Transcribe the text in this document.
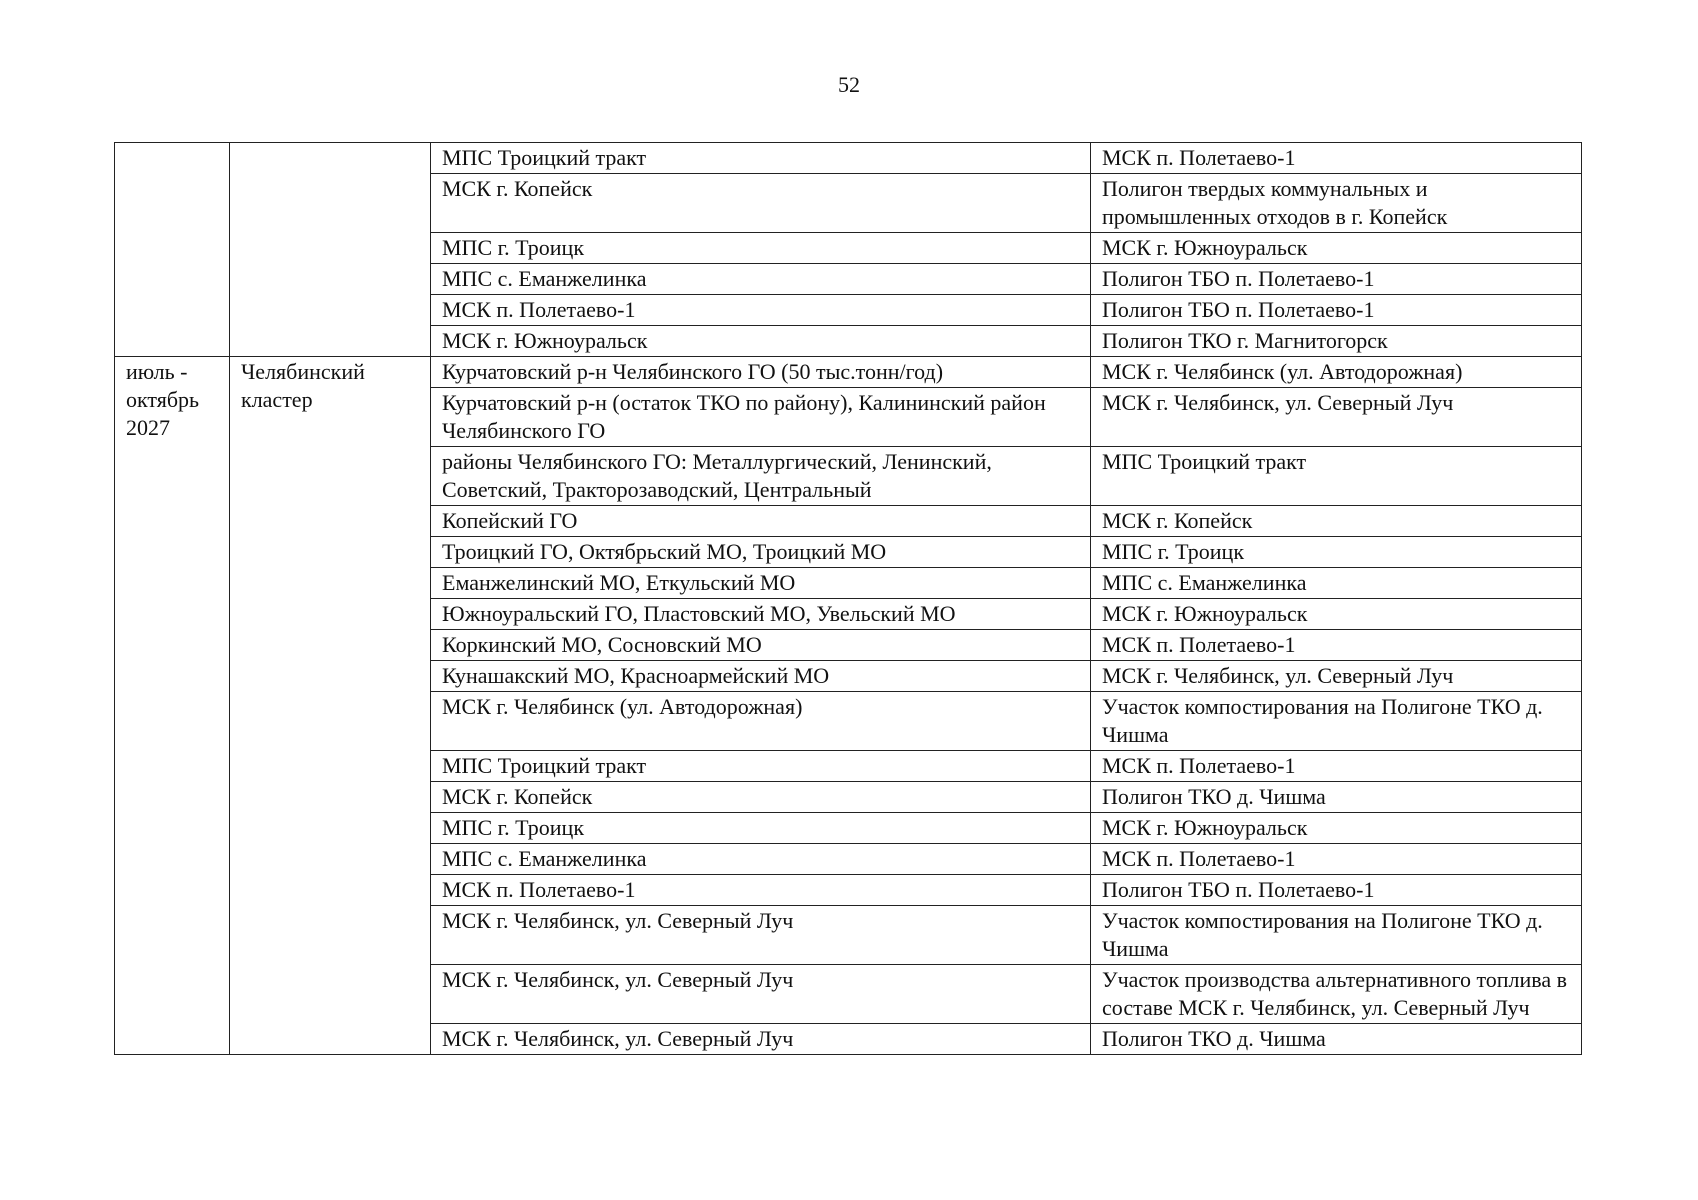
52
		МПС Троицкий тракт	МСК п. Полетаево-1
		МСК г. Копейск	Полигон твердых коммунальных и промышленных отходов в г. Копейск
		МПС г. Троицк	МСК г. Южноуральск
		МПС с. Еманжелинка	Полигон ТБО п. Полетаево-1
		МСК п. Полетаево-1	Полигон ТБО п. Полетаево-1
		МСК г. Южноуральск	Полигон ТКО г. Магнитогорск
июль - октябрь 2027	Челябинский кластер	Курчатовский р-н Челябинского ГО (50 тыс.тонн/год)	МСК г. Челябинск (ул. Автодорожная)
		Курчатовский р-н (остаток ТКО по району), Калининский район Челябинского ГО	МСК г. Челябинск, ул. Северный Луч
		районы Челябинского ГО: Металлургический, Ленинский, Советский, Тракторозаводский, Центральный	МПС Троицкий тракт
		Копейский ГО	МСК г. Копейск
		Троицкий ГО, Октябрьский МО, Троицкий МО	МПС г. Троицк
		Еманжелинский МО, Еткульский МО	МПС с. Еманжелинка
		Южноуральский ГО, Пластовский МО, Увельский МО	МСК г. Южноуральск
		Коркинский МО, Сосновский МО	МСК п. Полетаево-1
		Кунашакский МО, Красноармейский МО	МСК г. Челябинск, ул. Северный Луч
		МСК г. Челябинск (ул. Автодорожная)	Участок компостирования на Полигоне ТКО д. Чишма
		МПС Троицкий тракт	МСК п. Полетаево-1
		МСК г. Копейск	Полигон ТКО д. Чишма
		МПС г. Троицк	МСК г. Южноуральск
		МПС с. Еманжелинка	МСК п. Полетаево-1
		МСК п. Полетаево-1	Полигон ТБО п. Полетаево-1
		МСК г. Челябинск, ул. Северный Луч	Участок компостирования на Полигоне ТКО д. Чишма
		МСК г. Челябинск, ул. Северный Луч	Участок производства альтернативного топлива в составе МСК г. Челябинск, ул. Северный Луч
		МСК г. Челябинск, ул. Северный Луч	Полигон ТКО д. Чишма
